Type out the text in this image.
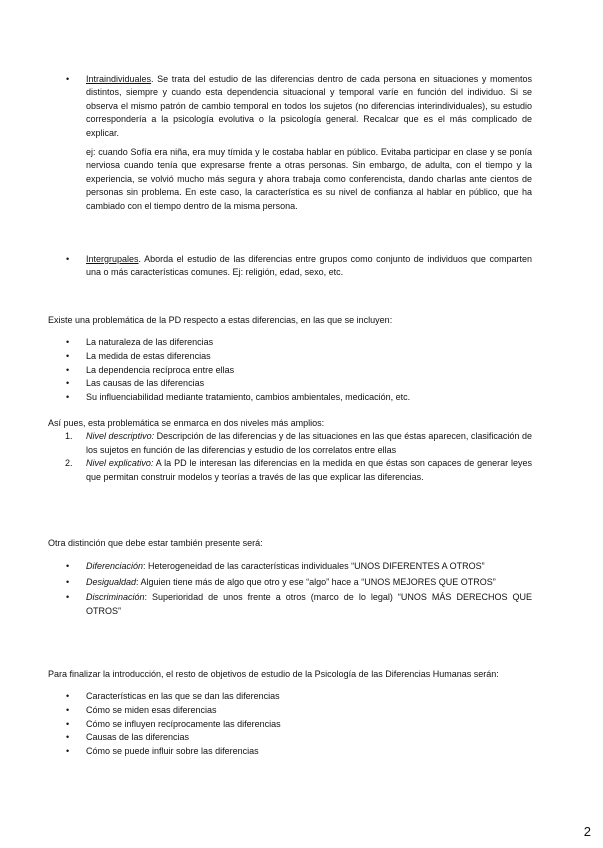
• Intraindividuales. Se trata del estudio de las diferencias dentro de cada persona en situaciones y momentos distintos, siempre y cuando esta dependencia situacional y temporal varíe en función del individuo. Si se observa el mismo patrón de cambio temporal en todos los sujetos (no diferencias interindividuales), su estudio correspondería a la psicología evolutiva o la psicología general. Recalcar que es el más complicado de explicar.
ej: cuando Sofía era niña, era muy tímida y le costaba hablar en público. Evitaba participar en clase y se ponía nerviosa cuando tenía que expresarse frente a otras personas. Sin embargo, de adulta, con el tiempo y la experiencia, se volvió mucho más segura y ahora trabaja como conferencista, dando charlas ante cientos de personas sin problema. En este caso, la característica es su nivel de confianza al hablar en público, que ha cambiado con el tiempo dentro de la misma persona.
• Intergrupales. Aborda el estudio de las diferencias entre grupos como conjunto de individuos que comparten una o más características comunes. Ej: religión, edad, sexo, etc.
Existe una problemática de la PD respecto a estas diferencias, en las que se incluyen:
• La naturaleza de las diferencias
• La medida de estas diferencias
• La dependencia recíproca entre ellas
• Las causas de las diferencias
• Su influenciabilidad mediante tratamiento, cambios ambientales, medicación, etc.
Así pues, esta problemática se enmarca en dos niveles más amplios:
1. Nivel descriptivo: Descripción de las diferencias y de las situaciones en las que éstas aparecen, clasificación de los sujetos en función de las diferencias y estudio de los correlatos entre ellas
2. Nivel explicativo: A la PD le interesan las diferencias en la medida en que éstas son capaces de generar leyes que permitan construir modelos y teorías a través de las que explicar las diferencias.
Otra distinción que debe estar también presente será:
• Diferenciación: Heterogeneidad de las características individuales “UNOS DIFERENTES A OTROS”
• Desigualdad: Alguien tiene más de algo que otro y ese “algo” hace a “UNOS MEJORES QUE OTROS”
• Discriminación: Superioridad de unos frente a otros (marco de lo legal) “UNOS MÁS DERECHOS QUE OTROS”
Para finalizar la introducción, el resto de objetivos de estudio de la Psicología de las Diferencias Humanas serán:
• Características en las que se dan las diferencias
• Cómo se miden esas diferencias
• Cómo se influyen recíprocamente las diferencias
• Causas de las diferencias
• Cómo se puede influir sobre las diferencias
2
